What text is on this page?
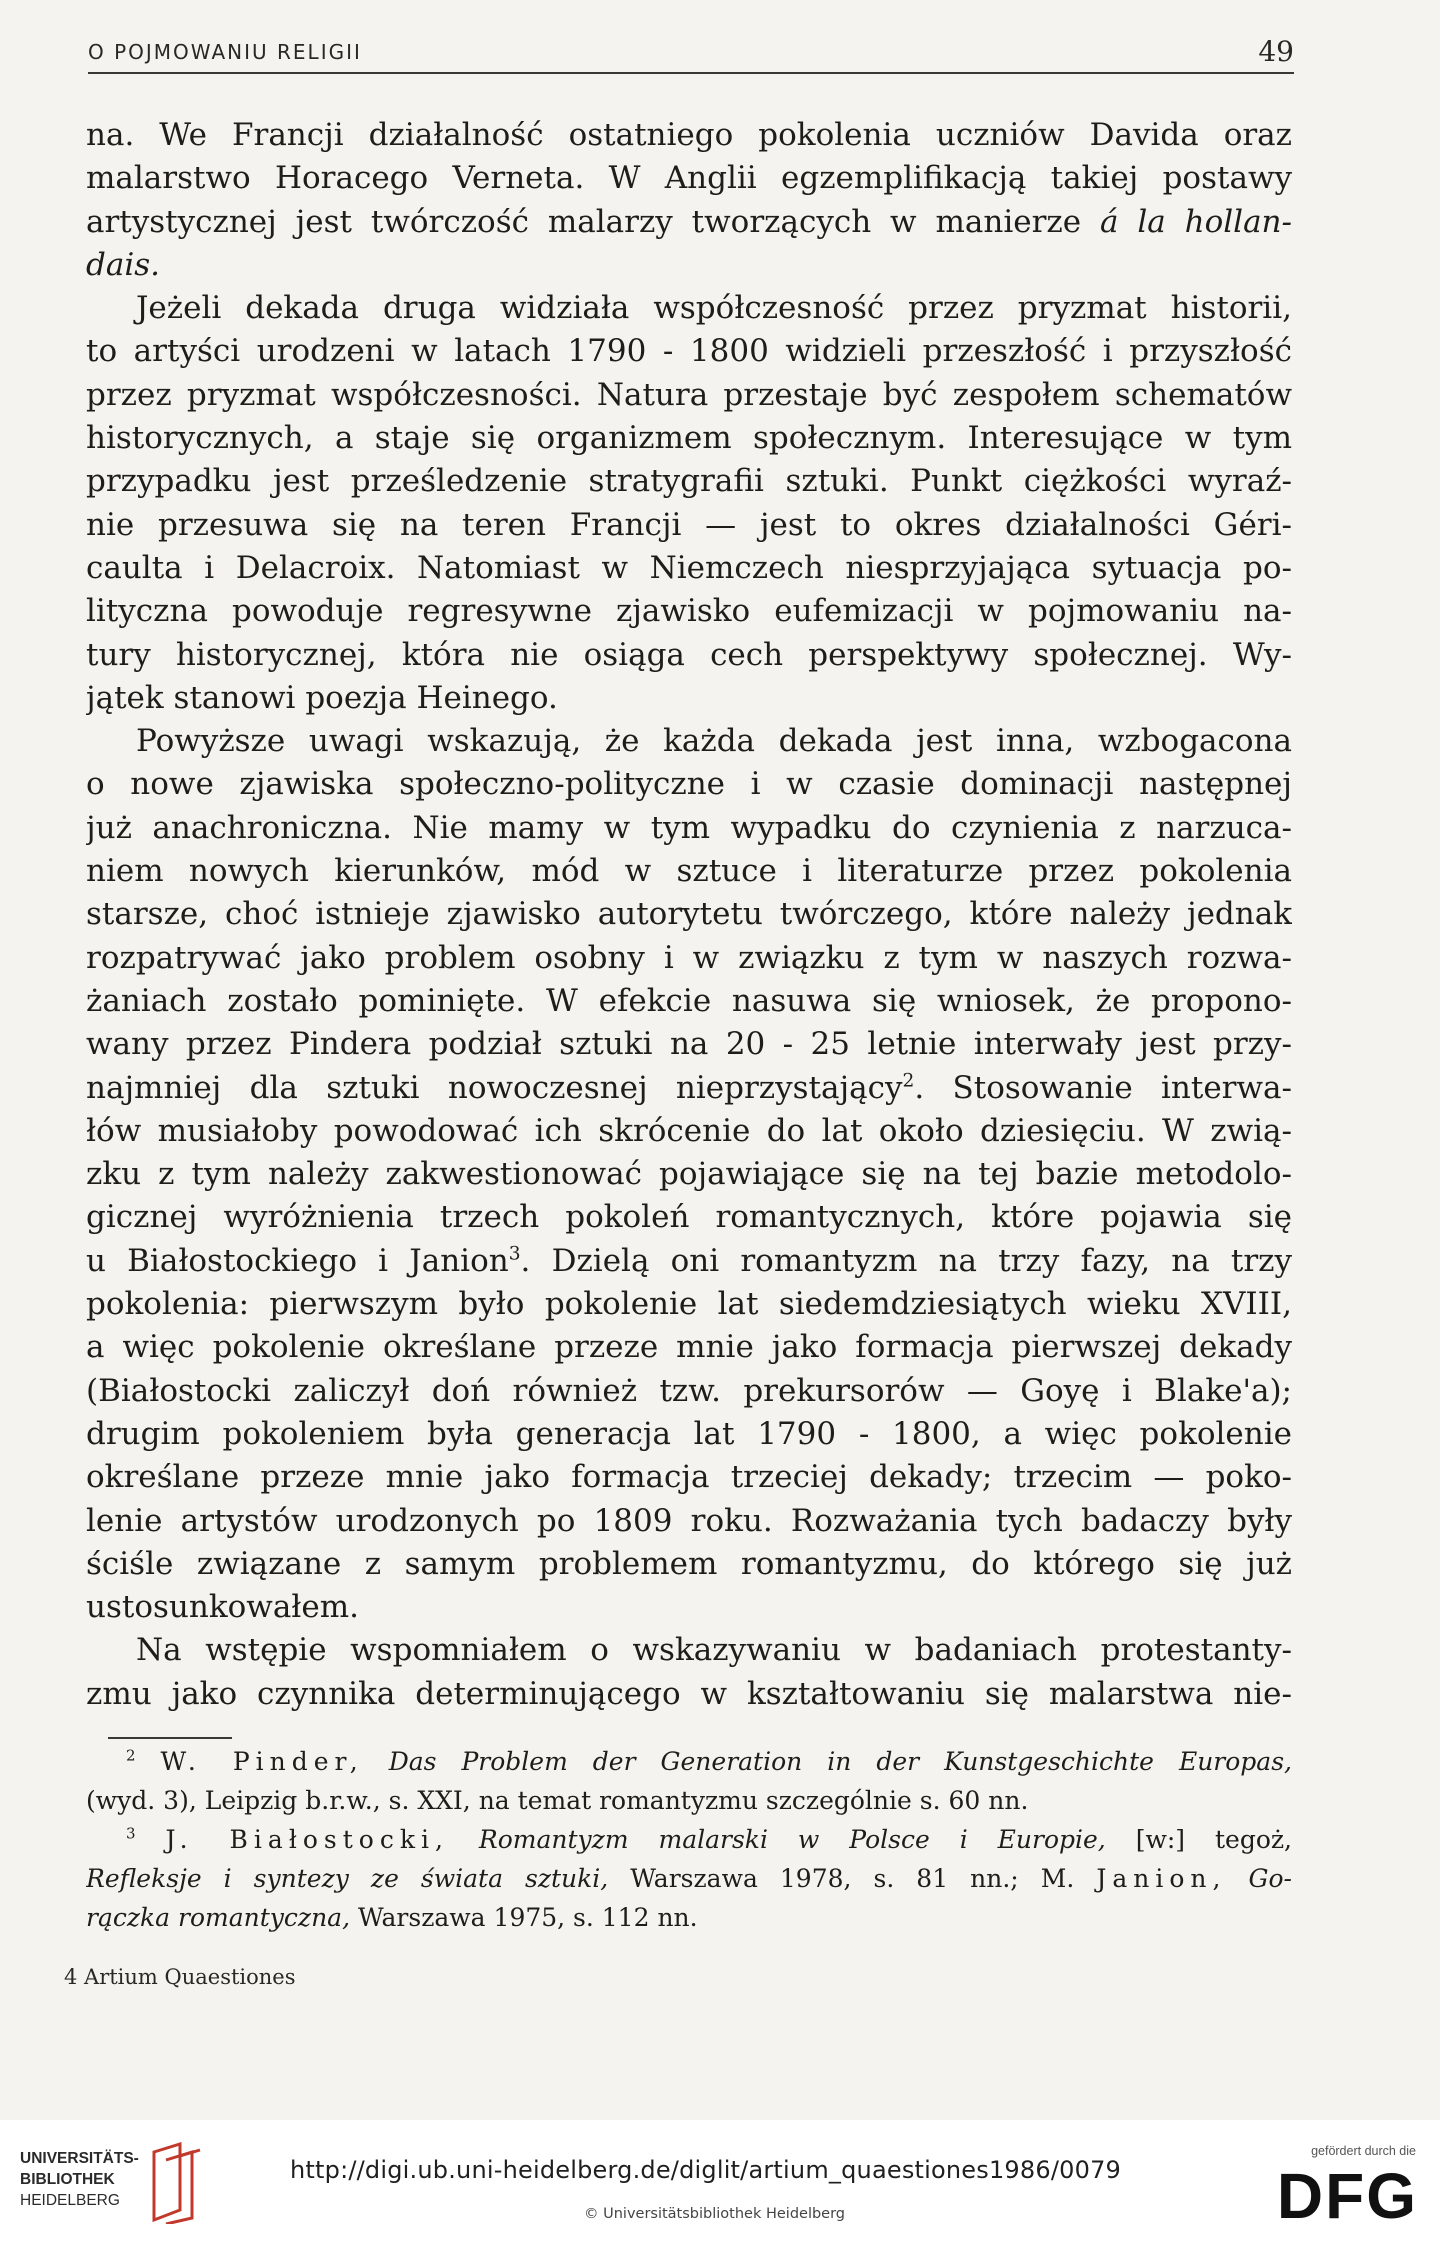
O POJMOWANIU RELIGII	49
na. We Francji działalność ostatniego pokolenia uczniów Davida oraz
malarstwo Horacego Verneta. W Anglii egzemplifikacją takiej postawy
artystycznej jest twórczość malarzy tworzących w manierze á la hollan-
dais.
Jeżeli dekada druga widziała współczesność przez pryzmat historii,
to artyści urodzeni w latach 1790 - 1800 widzieli przeszłość i przyszłość
przez pryzmat współczesności. Natura przestaje być zespołem schematów
historycznych, a staje się organizmem społecznym. Interesujące w tym
przypadku jest prześledzenie stratygrafii sztuki. Punkt ciężkości wyraź-
nie przesuwa się na teren Francji — jest to okres działalności Géri-
caulta i Delacroix. Natomiast w Niemczech niesprzyjająca sytuacja po-
lityczna powoduje regresywne zjawisko eufemizacji w pojmowaniu na-
tury historycznej, która nie osiąga cech perspektywy społecznej. Wy-
jątek stanowi poezja Heinego.
Powyższe uwagi wskazują, że każda dekada jest inna, wzbogacona
o nowe zjawiska społeczno-polityczne i w czasie dominacji następnej
już anachroniczna. Nie mamy w tym wypadku do czynienia z narzuca-
niem nowych kierunków, mód w sztuce i literaturze przez pokolenia
starsze, choć istnieje zjawisko autorytetu twórczego, które należy jednak
rozpatrywać jako problem osobny i w związku z tym w naszych rozwa-
żaniach zostało pominięte. W efekcie nasuwa się wniosek, że propono-
wany przez Pindera podział sztuki na 20 - 25 letnie interwały jest przy-
najmniej dla sztuki nowoczesnej nieprzystający$^2$. Stosowanie interwa-
łów musiałoby powodować ich skrócenie do lat około dziesięciu. W zwią-
zku z tym należy zakwestionować pojawiające się na tej bazie metodolo-
gicznej wyróżnienia trzech pokoleń romantycznych, które pojawia się
u Białostockiego i Janion$^3$. Dzielą oni romantyzm na trzy fazy, na trzy
pokolenia: pierwszym było pokolenie lat siedemdziesiątych wieku XVIII,
a więc pokolenie określane przeze mnie jako formacja pierwszej dekady
(Białostocki zaliczył doń również tzw. prekursorów — Goyę i Blake'a);
drugim pokoleniem była generacja lat 1790 - 1800, a więc pokolenie
określane przeze mnie jako formacja trzeciej dekady; trzecim — poko-
lenie artystów urodzonych po 1809 roku. Rozważania tych badaczy były
ściśle związane z samym problemem romantyzmu, do którego się już
ustosunkowałem.
Na wstępie wspomniałem o wskazywaniu w badaniach protestanty-
zmu jako czynnika determinującego w kształtowaniu się malarstwa nie-
$^2$ W. Pinder, Das Problem der Generation in der Kunstgeschichte Europas,
(wyd. 3), Leipzig b.r.w., s. XXI, na temat romantyzmu szczególnie s. 60 nn.
$^3$ J. Białostocki, Romantyzm malarski w Polsce i Europie, [w:] tegoż,
Refleksje i syntezy ze świata sztuki, Warszawa 1978, s. 81 nn.; M. Janion, Go-
rączka romantyczna, Warszawa 1975, s. 112 nn.
4 Artium Quaestiones
UNIVERSITÄTS-
BIBLIOTHEK
HEIDELBERG
http://digi.ub.uni-heidelberg.de/diglit/artium_quaestiones1986/0079
© Universitätsbibliothek Heidelberg
gefördert durch die
DFG
